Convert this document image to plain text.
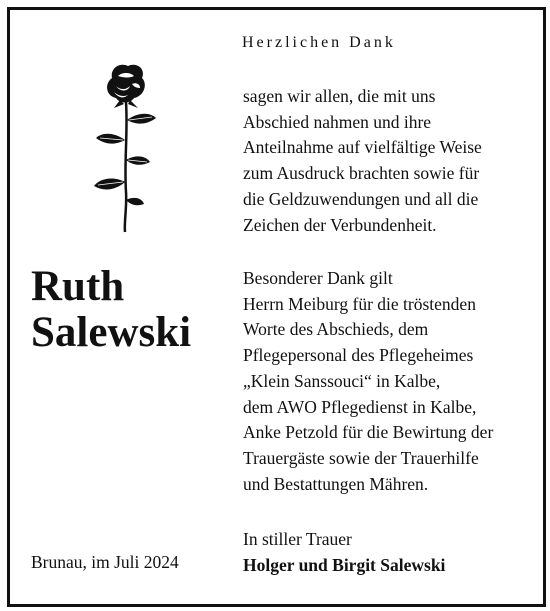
Herzlichen Dank
Ruth
Salewski
Brunau, im Juli 2024
sagen wir allen, die mit uns
Abschied nahmen und ihre
Anteilnahme auf vielfältige Weise
zum Ausdruck brachten sowie für
die Geldzuwendungen und all die
Zeichen der Verbundenheit.
Besonderer Dank gilt
Herrn Meiburg für die tröstenden
Worte des Abschieds, dem
Pflegepersonal des Pflegeheimes
„Klein Sanssouci“ in Kalbe,
dem AWO Pflegedienst in Kalbe,
Anke Petzold für die Bewirtung der
Trauergäste sowie der Trauerhilfe
und Bestattungen Mähren.
In stiller Trauer
Holger und Birgit Salewski
